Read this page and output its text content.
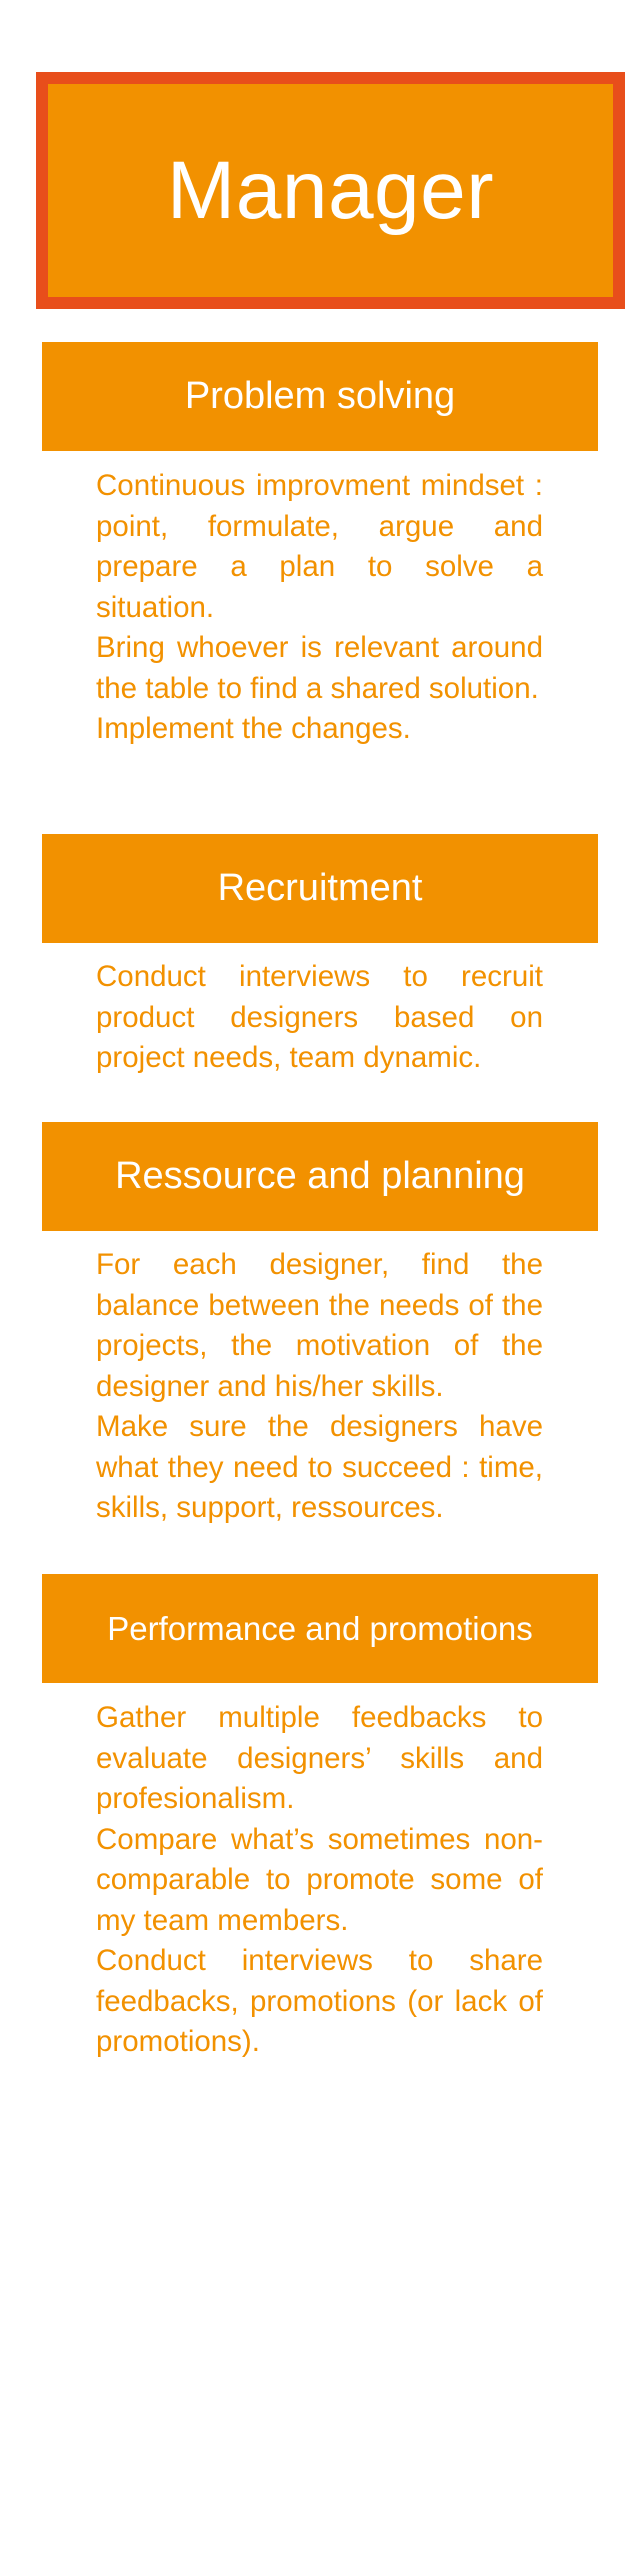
Manager
Problem solving

Continuous improvment mindset : point, formulate, argue and prepare a plan to solve a situation.

Bring whoever is relevant around the table to find a shared solution.

Implement the changes.

Recruitment

Conduct interviews to recruit product designers based on project needs, team dynamic.

Ressource and planning

For each designer, find the balance between the needs of the projects, the motivation of the designer and his/her skills.

Make sure the designers have what they need to succeed : time, skills, support, ressources.

Performance and promotions

Gather multiple feedbacks to evaluate designers’ skills and profesionalism.

Compare what’s sometimes non-comparable to promote some of my team members.

Conduct interviews to share feedbacks, promotions (or lack of promotions).
